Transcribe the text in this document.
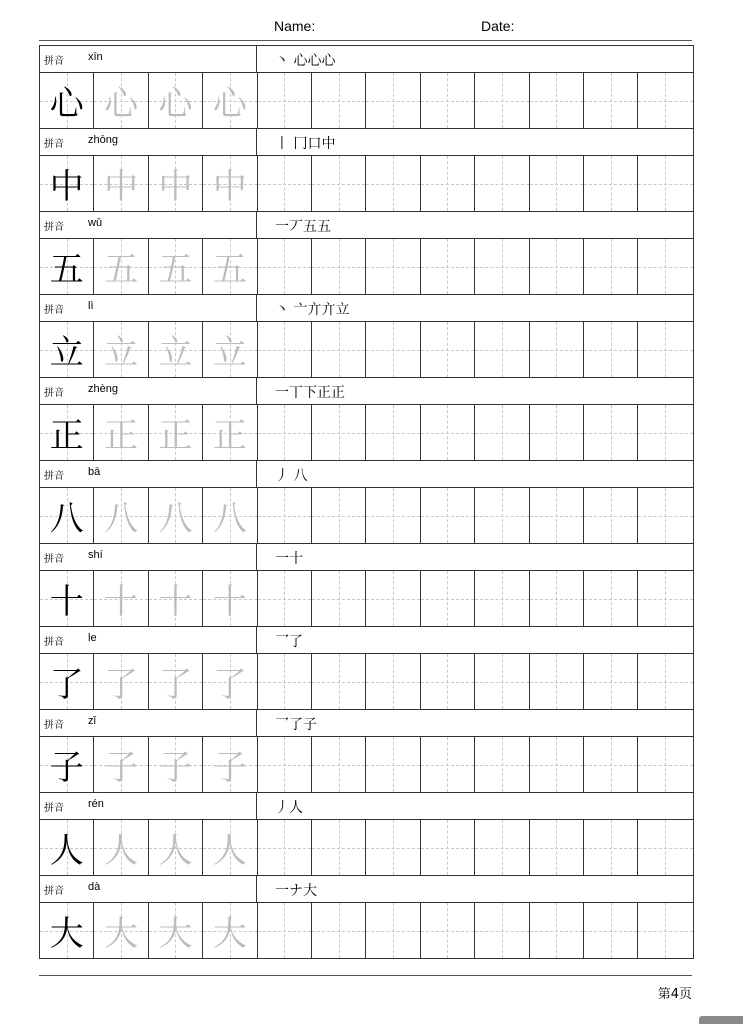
Name:	Date:
拼音 xīn	丶 心心心
心 心 心 心
拼音 zhōng	丨 冂口中
中 中 中 中
拼音 wǔ	一丆五五
五 五 五 五
拼音 lì	丶 亠亣亣立
立 立 立 立
拼音 zhèng	一丅下正正
正 正 正 正
拼音 bā	丿 八
八 八 八 八
拼音 shí	一十
十 十 十 十
拼音 le	乛了
了 了 了 了
拼音 zǐ	乛了子
子 子 子 子
拼音 rén	丿人
人 人 人 人
拼音 dà	一ナ大
大 大 大 大
第4页
